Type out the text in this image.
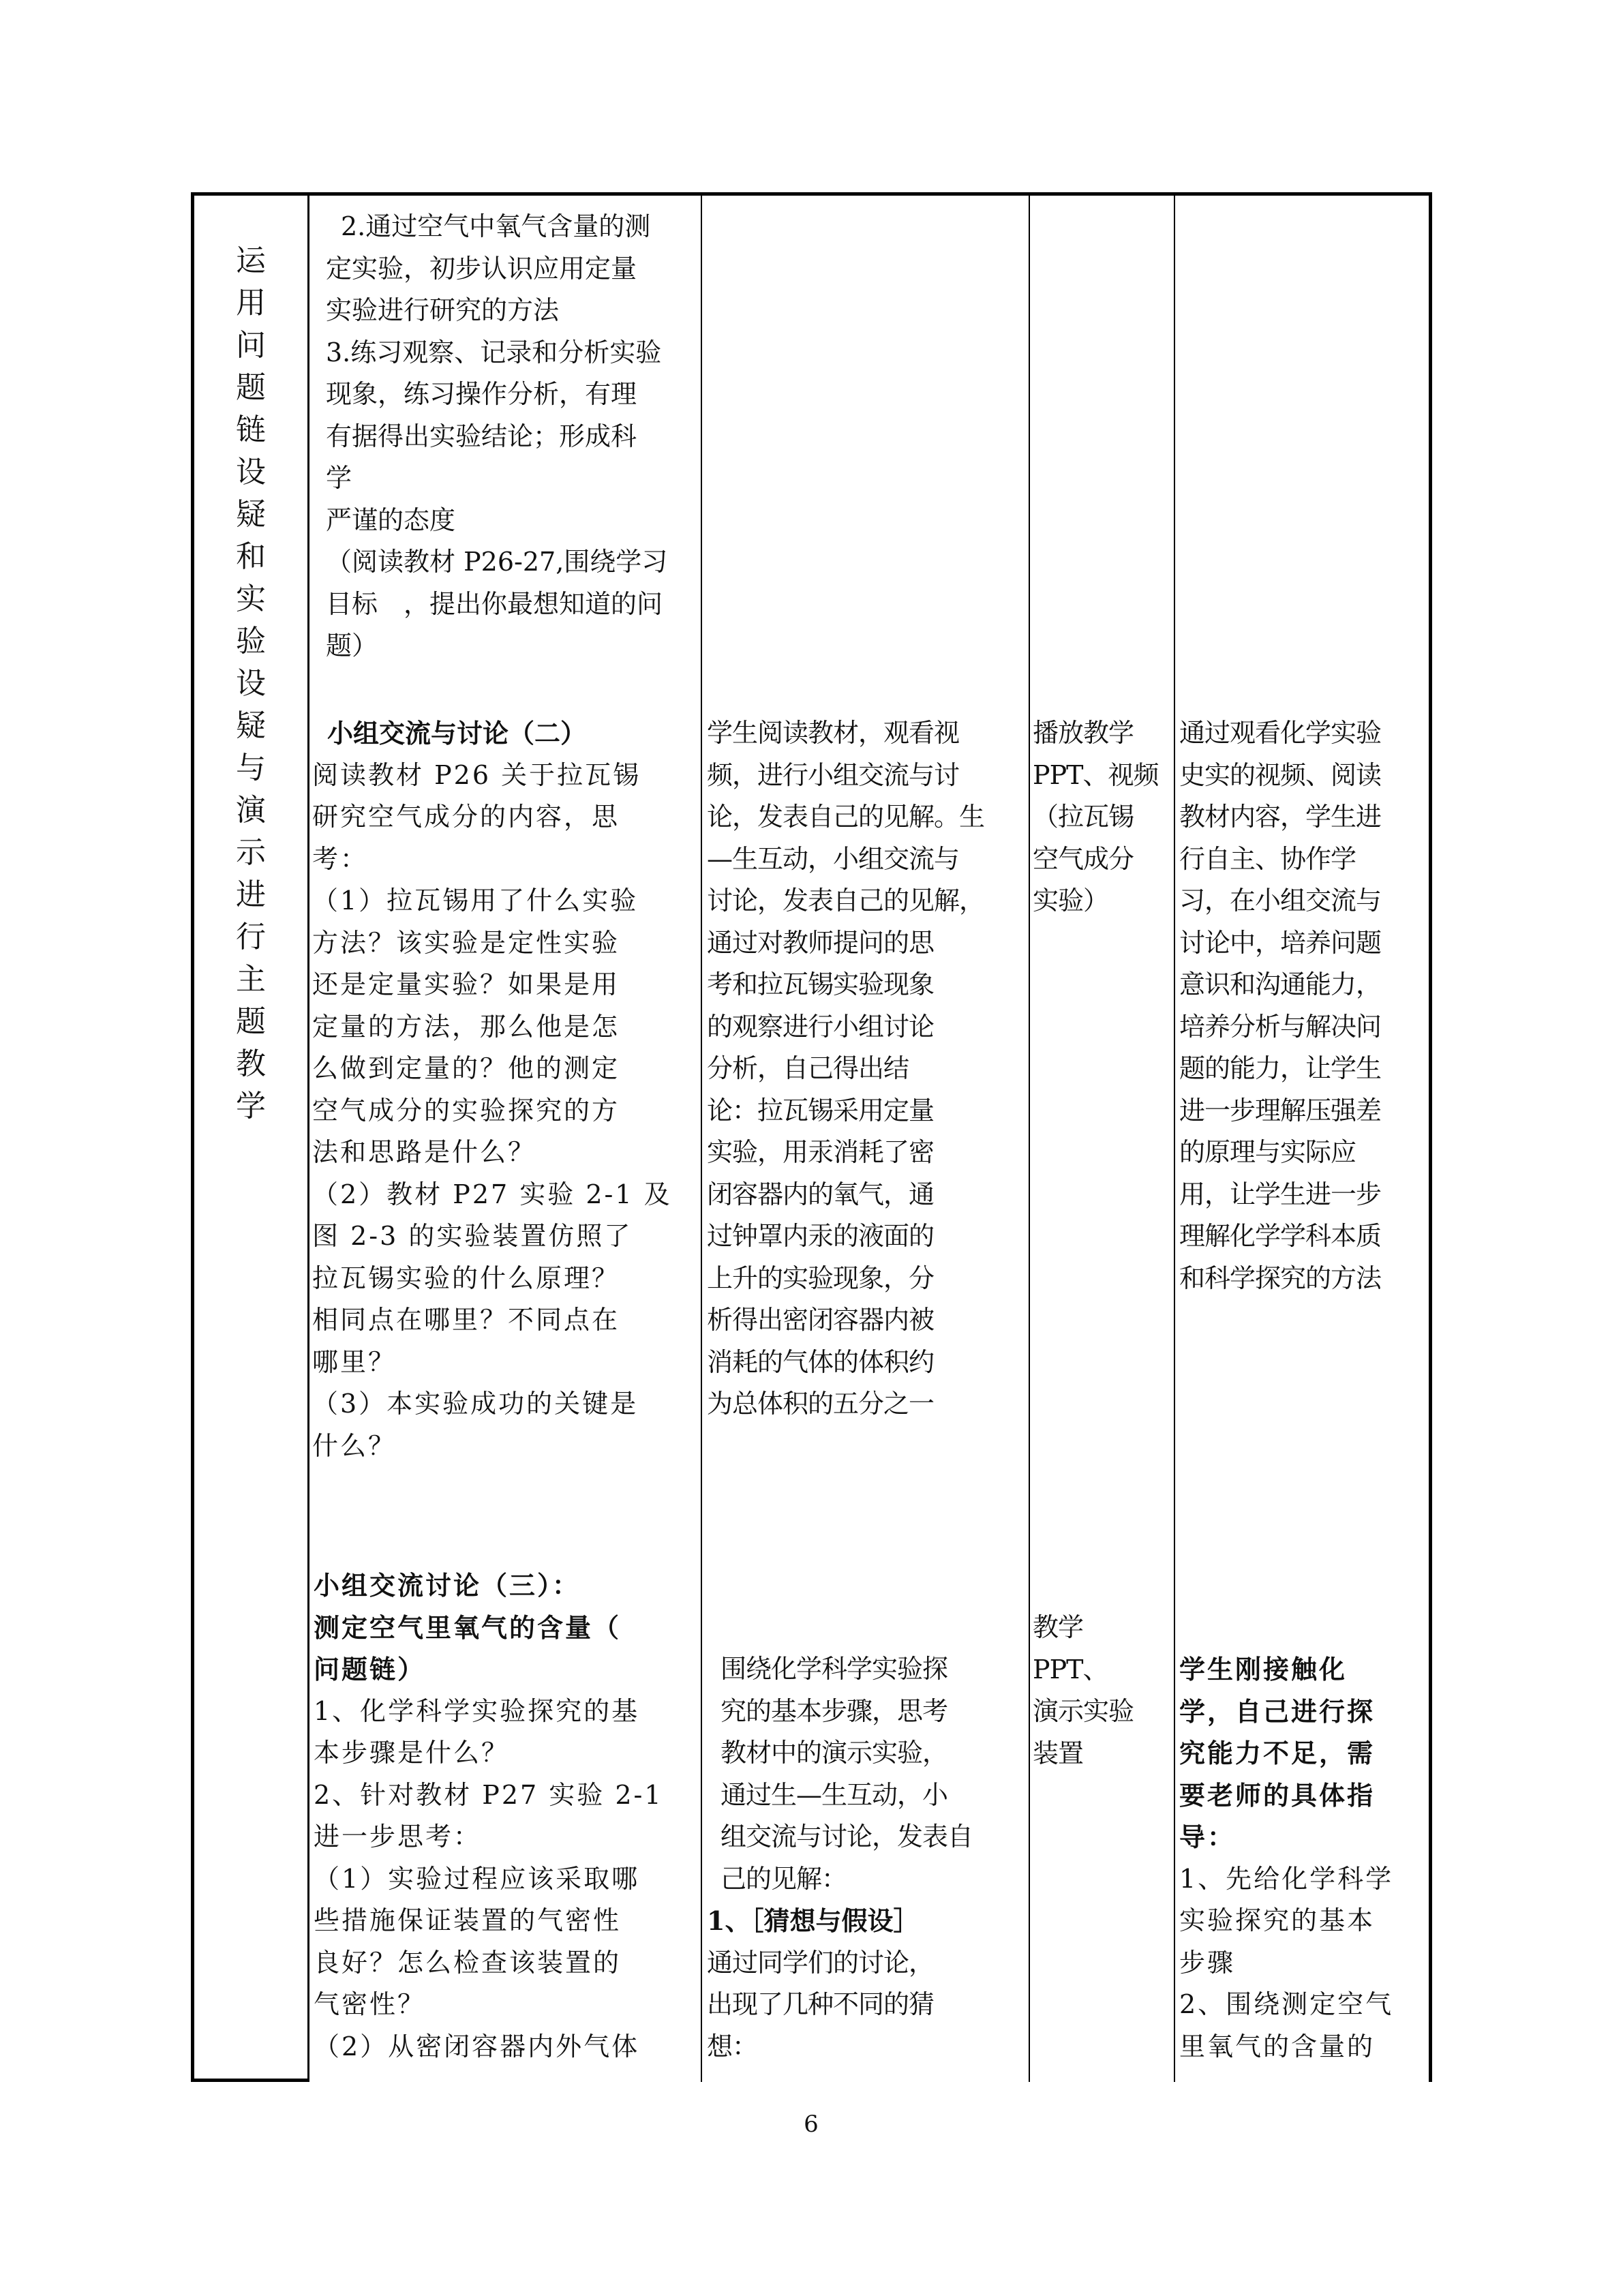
运
用
问
题
链
设
疑
和
实
验
设
疑
与
演
示
进
行
主
题
教
学
2.通过空气中氧气含量的测
定实验，初步认识应用定量
实验进行研究的方法
3.练习观察、记录和分析实验
现象，练习操作分析，有理
有据得出实验结论；形成科
学
严谨的态度
（阅读教材 P26-27,围绕学习
目标　，提出你最想知道的问
题）
小组交流与讨论（二）
阅读教材 P26 关于拉瓦锡
研究空气成分的内容，思
考：
（1）拉瓦锡用了什么实验
方法？该实验是定性实验
还是定量实验？如果是用
定量的方法，那么他是怎
么做到定量的？他的测定
空气成分的实验探究的方
法和思路是什么？
（2）教材 P27 实验 2-1 及
图 2-3 的实验装置仿照了
拉瓦锡实验的什么原理？
相同点在哪里？不同点在
哪里？
（3）本实验成功的关键是
什么？
学生阅读教材，观看视
频，进行小组交流与讨
论，发表自己的见解。生
—生互动，小组交流与
讨论，发表自己的见解，
通过对教师提问的思
考和拉瓦锡实验现象
的观察进行小组讨论
分析，自己得出结
论：拉瓦锡采用定量
实验，用汞消耗了密
闭容器内的氧气，通
过钟罩内汞的液面的
上升的实验现象，分
析得出密闭容器内被
消耗的气体的体积约
为总体积的五分之一
播放教学
PPT、视频
（拉瓦锡
空气成分
实验）
通过观看化学实验
史实的视频、阅读
教材内容，学生进
行自主、协作学
习，在小组交流与
讨论中，培养问题
意识和沟通能力，
培养分析与解决问
题的能力，让学生
进一步理解压强差
的原理与实际应
用，让学生进一步
理解化学学科本质
和科学探究的方法
小组交流讨论（三）：
测定空气里氧气的含量（
问题链）
1、化学科学实验探究的基
本步骤是什么？
2、针对教材 P27 实验 2-1
进一步思考：
（1）实验过程应该采取哪
些措施保证装置的气密性
良好？怎么检查该装置的
气密性？
（2）从密闭容器内外气体
围绕化学科学实验探
究的基本步骤，思考
教材中的演示实验，
通过生—生互动，小
组交流与讨论，发表自
己的见解：
1、［猜想与假设］
通过同学们的讨论，
出现了几种不同的猜
想：
教学
PPT、
演示实验
装置
学生刚接触化
学，自己进行探
究能力不足，需
要老师的具体指
导：
1、先给化学科学
实验探究的基本
步骤
2、围绕测定空气
里氧气的含量的
6
